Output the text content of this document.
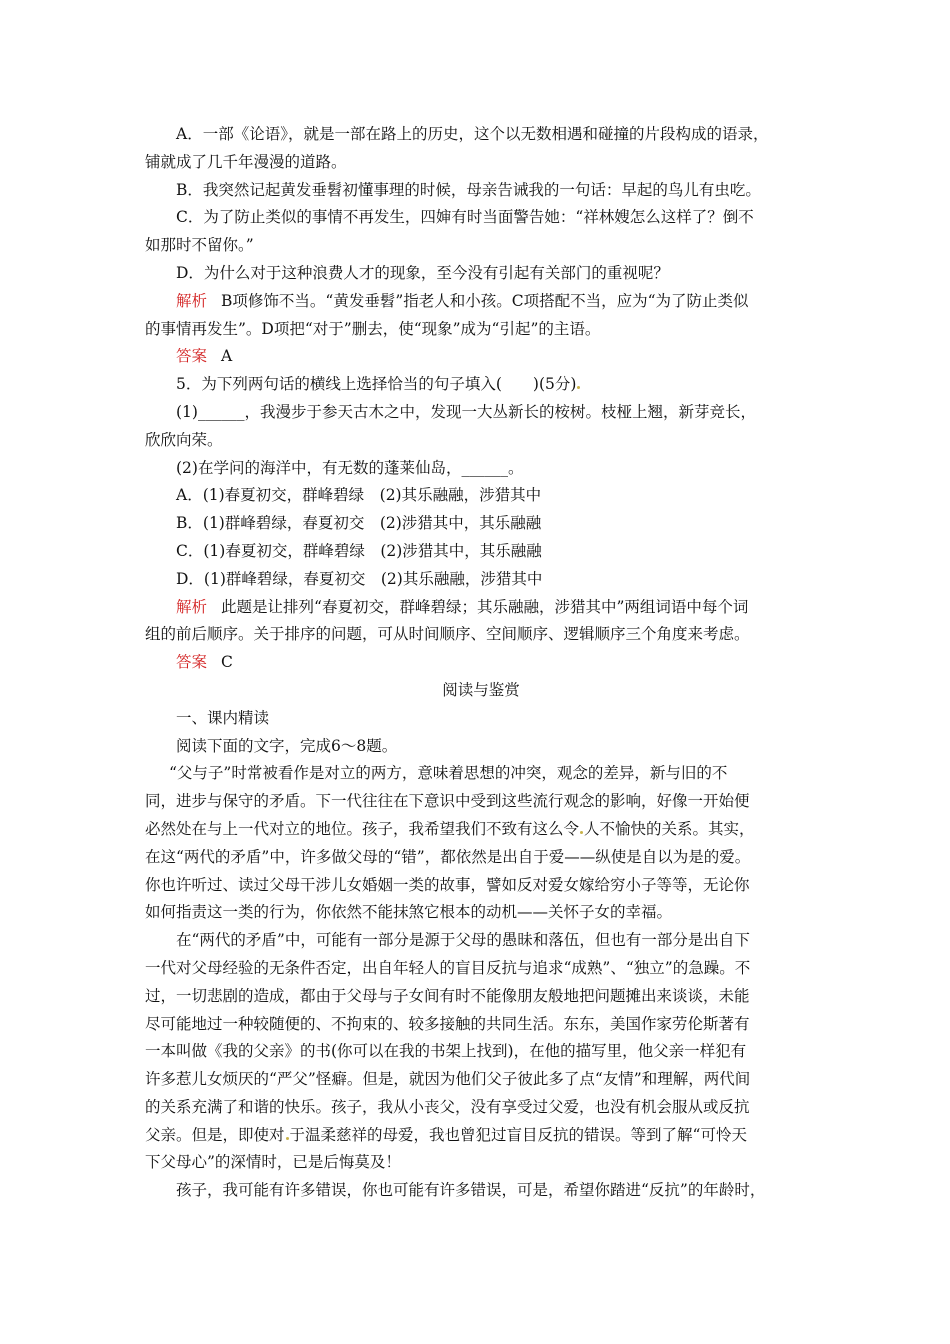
A．一部《论语》，就是一部在路上的历史，这个以无数相遇和碰撞的片段构成的语录，

铺就成了几千年漫漫的道路。

B．我突然记起黄发垂髫初懂事理的时候，母亲告诫我的一句话：早起的鸟儿有虫吃。

C．为了防止类似的事情不再发生，四婶有时当面警告她：“祥林嫂怎么这样了？倒不

如那时不留你。”

D．为什么对于这种浪费人才的现象，至今没有引起有关部门的重视呢？

解析 B项修饰不当。“黄发垂髫”指老人和小孩。C项搭配不当，应为“为了防止类似

的事情再发生”。D项把“对于”删去，使“现象”成为“引起”的主语。

答案 A

5．为下列两句话的横线上选择恰当的句子填入(　　)(5分)

(1)______，我漫步于参天古木之中，发现一大丛新长的桉树。枝桠上翘，新芽竞长，

欣欣向荣。

(2)在学问的海洋中，有无数的蓬莱仙岛，______。

A．(1)春夏初交，群峰碧绿　(2)其乐融融，涉猎其中

B．(1)群峰碧绿，春夏初交　(2)涉猎其中，其乐融融

C．(1)春夏初交，群峰碧绿　(2)涉猎其中，其乐融融

D．(1)群峰碧绿，春夏初交　(2)其乐融融，涉猎其中

解析 此题是让排列“春夏初交，群峰碧绿；其乐融融，涉猎其中”两组词语中每个词

组的前后顺序。关于排序的问题，可从时间顺序、空间顺序、逻辑顺序三个角度来考虑。

答案 C

阅读与鉴赏

一、课内精读

阅读下面的文字，完成6～8题。

“父与子”时常被看作是对立的两方，意味着思想的冲突，观念的差异，新与旧的不

同，进步与保守的矛盾。下一代往往在下意识中受到这些流行观念的影响，好像一开始便

必然处在与上一代对立的地位。孩子，我希望我们不致有这么令 人不愉快的关系。其实，

在这“两代的矛盾”中，许多做父母的“错”，都依然是出自于爱——纵使是自以为是的爱。

你也许听过、读过父母干涉儿女婚姻一类的故事，譬如反对爱女嫁给穷小子等等，无论你

如何指责这一类的行为，你依然不能抹煞它根本的动机——关怀子女的幸福。

在“两代的矛盾”中，可能有一部分是源于父母的愚昧和落伍，但也有一部分是出自下

一代对父母经验的无条件否定，出自年轻人的盲目反抗与追求“成熟”、“独立”的急躁。不

过，一切悲剧的造成，都由于父母与子女间有时不能像朋友般地把问题摊出来谈谈，未能

尽可能地过一种较随便的、不拘束的、较多接触的共同生活。东东，美国作家劳伦斯著有

一本叫做《我的父亲》的书(你可以在我的书架上找到)，在他的描写里，他父亲一样犯有

许多惹儿女烦厌的“严父”怪癖。但是，就因为他们父子彼此多了点“友情”和理解，两代间

的关系充满了和谐的快乐。孩子，我从小丧父，没有享受过父爱，也没有机会服从或反抗

父亲。但是，即使对 于温柔慈祥的母爱，我也曾犯过盲目反抗的错误。等到了解“可怜天

下父母心”的深情时，已是后悔莫及！

孩子，我可能有许多错误，你也可能有许多错误，可是，希望你踏进“反抗”的年龄时，
